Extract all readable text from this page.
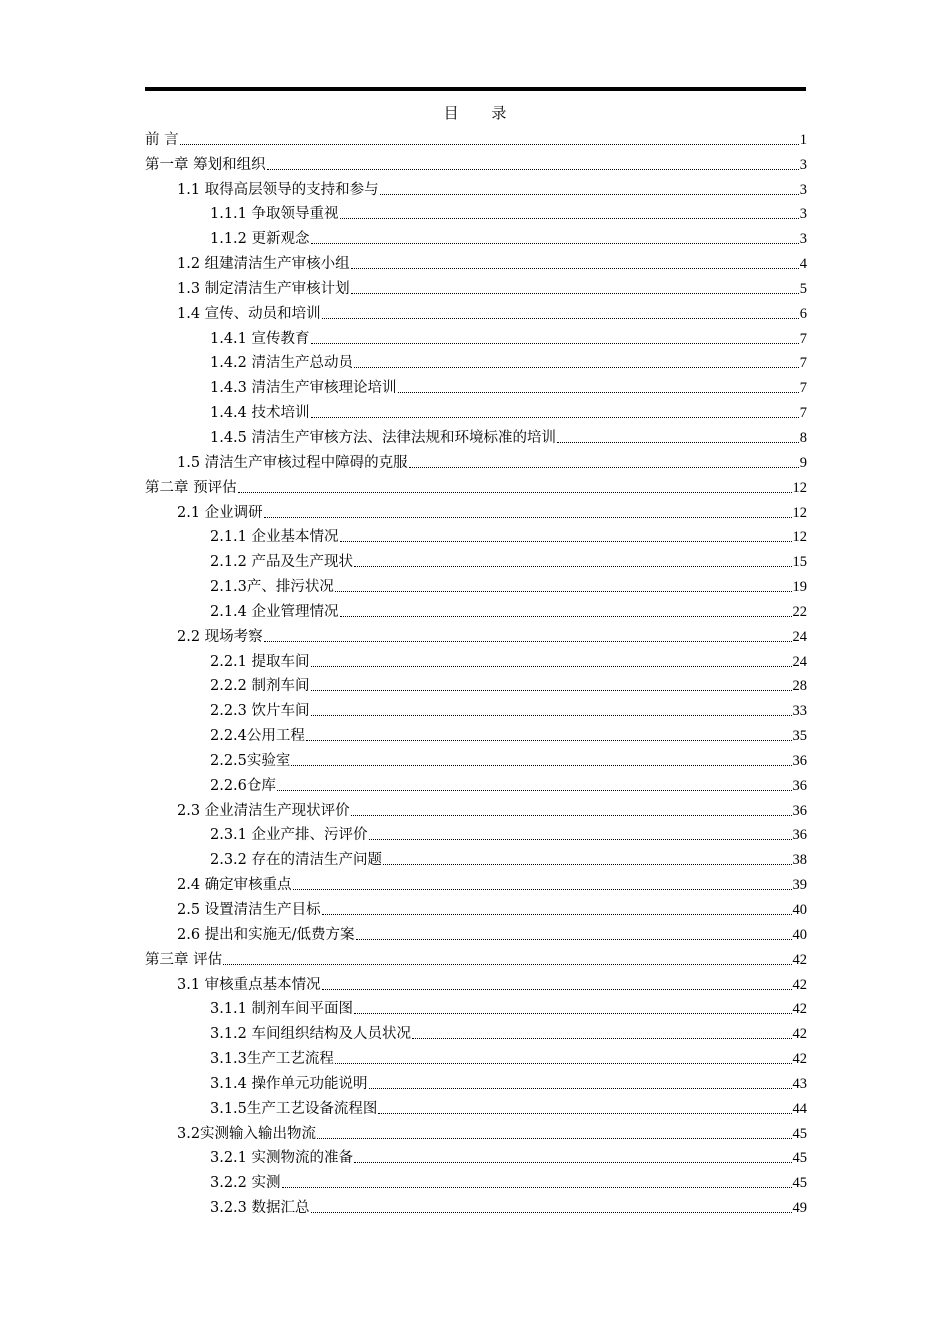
目 录
前 言	1
第一章 筹划和组织	3
1.1 取得高层领导的支持和参与	3
1.1.1 争取领导重视	3
1.1.2 更新观念	3
1.2 组建清洁生产审核小组	4
1.3 制定清洁生产审核计划	5
1.4 宣传、动员和培训	6
1.4.1 宣传教育	7
1.4.2 清洁生产总动员	7
1.4.3 清洁生产审核理论培训	7
1.4.4 技术培训	7
1.4.5 清洁生产审核方法、法律法规和环境标准的培训	8
1.5 清洁生产审核过程中障碍的克服	9
第二章 预评估	12
2.1 企业调研	12
2.1.1 企业基本情况	12
2.1.2 产品及生产现状	15
2.1.3产、排污状况	19
2.1.4 企业管理情况	22
2.2 现场考察	24
2.2.1 提取车间	24
2.2.2 制剂车间	28
2.2.3 饮片车间	33
2.2.4公用工程	35
2.2.5实验室	36
2.2.6仓库	36
2.3 企业清洁生产现状评价	36
2.3.1 企业产排、污评价	36
2.3.2 存在的清洁生产问题	38
2.4 确定审核重点	39
2.5 设置清洁生产目标	40
2.6 提出和实施无/低费方案	40
第三章 评估	42
3.1 审核重点基本情况	42
3.1.1 制剂车间平面图	42
3.1.2 车间组织结构及人员状况	42
3.1.3生产工艺流程	42
3.1.4 操作单元功能说明	43
3.1.5生产工艺设备流程图	44
3.2实测输入输出物流	45
3.2.1 实测物流的准备	45
3.2.2 实测	45
3.2.3 数据汇总	49
